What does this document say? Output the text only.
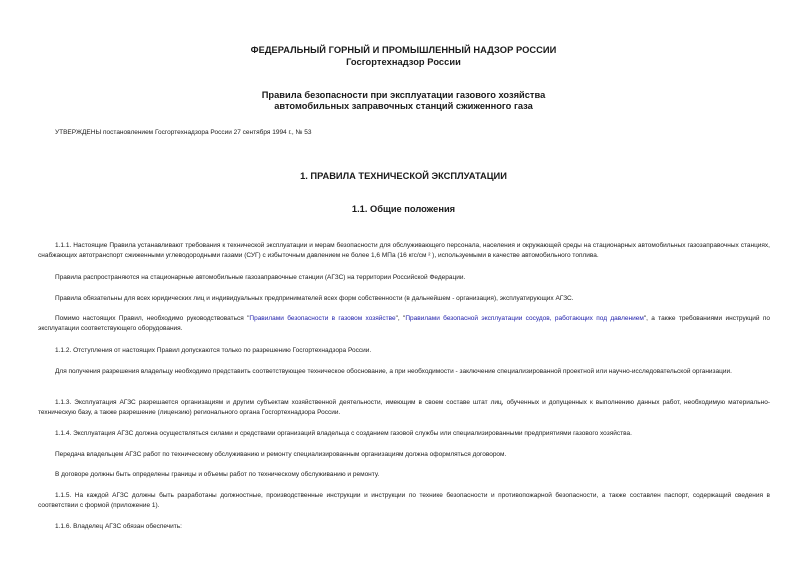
ФЕДЕРАЛЬНЫЙ ГОРНЫЙ И ПРОМЫШЛЕННЫЙ НАДЗОР РОССИИ
Госгортехнадзор России
Правила безопасности при эксплуатации газового хозяйства
автомобильных заправочных станций сжиженного газа
УТВЕРЖДЕНЫ постановлением Госгортехнадзора России 27 сентября 1994 г., № 53
1. ПРАВИЛА ТЕХНИЧЕСКОЙ ЭКСПЛУАТАЦИИ
1.1. Общие положения

1.1.1. Настоящие Правила устанавливают требования к технической эксплуатации и мерам безопасности для обслуживающего персонала, населения и окружающей среды на стационарных автомобильных газозаправочных станциях, снабжающих автотранспорт сжиженными углеводородными газами (СУГ) с избыточным давлением не более 1,6 МПа (16 кгс/см ² ), используемыми в качестве автомобильного топлива.

Правила распространяются на стационарные автомобильные газозаправочные станции (АГЗС) на территории Российской Федерации.

Правила обязательны для всех юридических лиц и индивидуальных предпринимателей всех форм собственности (в дальнейшем - организация), эксплуатирующих АГЗС.

Помимо настоящих Правил, необходимо руководствоваться "Правилами безопасности в газовом хозяйстве", "Правилами безопасной эксплуатации сосудов, работающих под давлением", а также требованиями инструкций по эксплуатации соответствующего оборудования.

1.1.2. Отступления от настоящих Правил допускаются только по разрешению Госгортехнадзора России.

Для получения разрешения владельцу необходимо представить соответствующее техническое обоснование, а при необходимости - заключение специализированной проектной или научно-исследовательской организации.

1.1.3. Эксплуатация АГЗС разрешается организациям и другим субъектам хозяйственной деятельности, имеющим в своем составе штат лиц, обученных и допущенных к выполнению данных работ, необходимую материально-техническую базу, а также разрешение (лицензию) регионального органа Госгортехнадзора России.

1.1.4. Эксплуатация АГЗС должна осуществляться силами и средствами организаций владельца с созданием газовой службы или специализированными предприятиями газового хозяйства.

Передача владельцем АГЗС работ по техническому обслуживанию и ремонту специализированным организациям должна оформляться договором.

В договоре должны быть определены границы и объемы работ по техническому обслуживанию и ремонту.

1.1.5. На каждой АГЗС должны быть разработаны должностные, производственные инструкции и инструкции по технике безопасности и противопожарной безопасности, а также составлен паспорт, содержащий сведения в соответствии с формой (приложение 1).

1.1.6. Владелец АГЗС обязан обеспечить:
